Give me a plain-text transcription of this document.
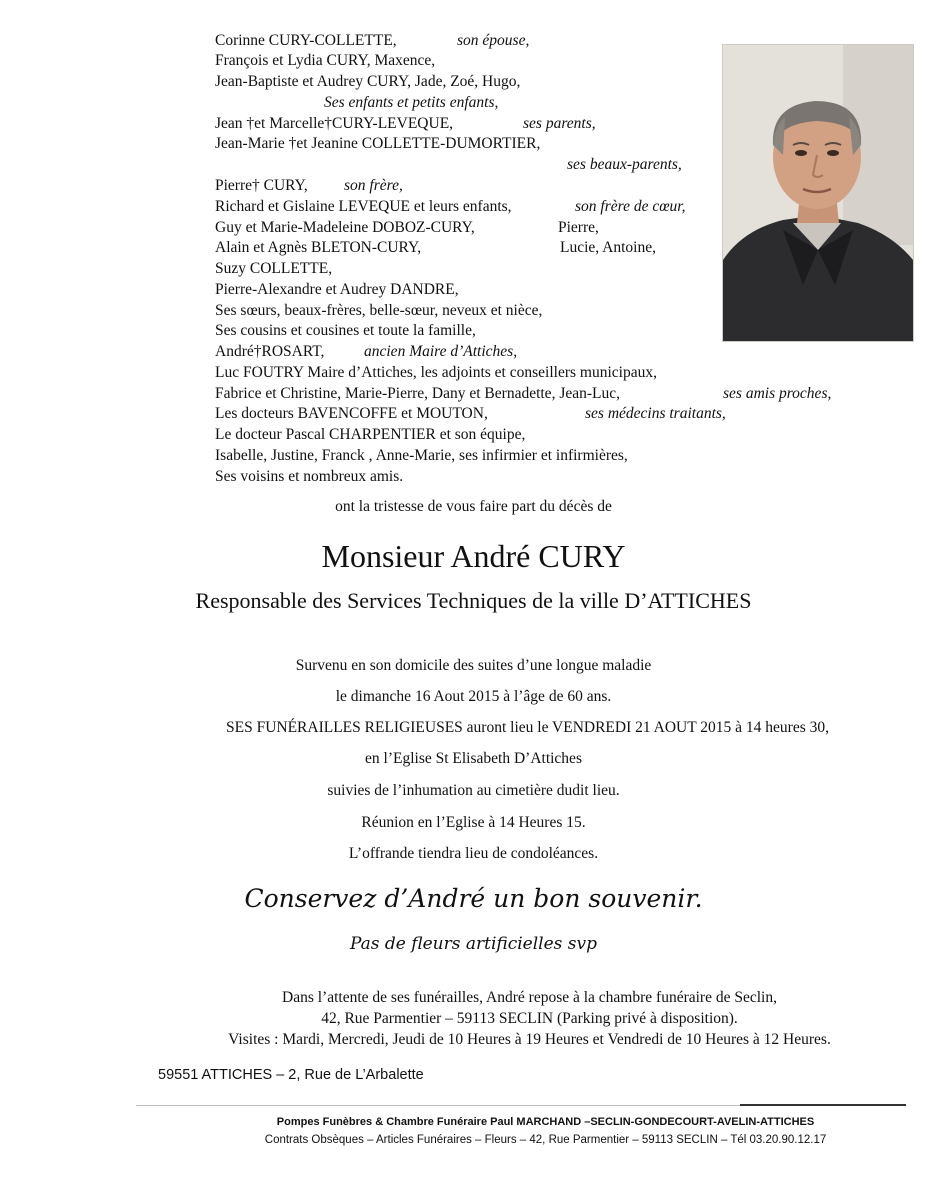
Corinne CURY-COLLETTE,	son épouse,
François et Lydia CURY, Maxence,
Jean-Baptiste et Audrey CURY, Jade, Zoé, Hugo,
Ses enfants et petits enfants,
Jean †et Marcelle†CURY-LEVEQUE,	ses parents,
Jean-Marie †et Jeanine COLLETTE-DUMORTIER,
ses beaux-parents,
Pierre† CURY, son frère,
Richard et Gislaine LEVEQUE et leurs enfants,	son frère de cœur,
Guy et Marie-Madeleine DOBOZ-CURY,	Pierre,
Alain et Agnès BLETON-CURY,	Lucie, Antoine,
Suzy COLLETTE,
Pierre-Alexandre et Audrey DANDRE,
Ses sœurs, beaux-frères, belle-sœur, neveux et nièce,
Ses cousins et cousines et toute la famille,
André†ROSART,	ancien Maire d’Attiches,
Luc FOUTRY Maire d’Attiches, les adjoints et conseillers municipaux,
Fabrice et Christine, Marie-Pierre, Dany et Bernadette, Jean-Luc,	ses amis proches,
Les docteurs BAVENCOFFE et MOUTON,	ses médecins traitants,
Le docteur Pascal CHARPENTIER et son équipe,
Isabelle, Justine, Franck , Anne-Marie, ses infirmier et infirmières,
Ses voisins et nombreux amis.
ont la tristesse de vous faire part du décès de
Monsieur André CURY
Responsable des Services Techniques de la ville D’ATTICHES
Survenu en son domicile des suites d’une longue maladie
le dimanche 16 Aout 2015 à l’âge de 60 ans.
SES FUNÉRAILLES RELIGIEUSES auront lieu le VENDREDI 21 AOUT 2015 à 14 heures 30,
en l’Eglise St Elisabeth D’Attiches
suivies de l’inhumation au cimetière dudit lieu.
Réunion en l’Eglise à 14 Heures 15.
L’offrande tiendra lieu de condoléances.
Conservez d’André un bon souvenir.
Pas de fleurs artificielles svp
Dans l’attente de ses funérailles, André repose à la chambre funéraire de Seclin,
42, Rue Parmentier – 59113 SECLIN (Parking privé à disposition).
Visites : Mardi, Mercredi, Jeudi de 10 Heures à 19 Heures et Vendredi de 10 Heures à 12 Heures.
59551 ATTICHES – 2, Rue de L’Arbalette
Pompes Funèbres & Chambre Funéraire Paul MARCHAND –SECLIN-GONDECOURT-AVELIN-ATTICHES
Contrats Obsèques – Articles Funéraires – Fleurs – 42, Rue Parmentier – 59113 SECLIN – Tél 03.20.90.12.17
